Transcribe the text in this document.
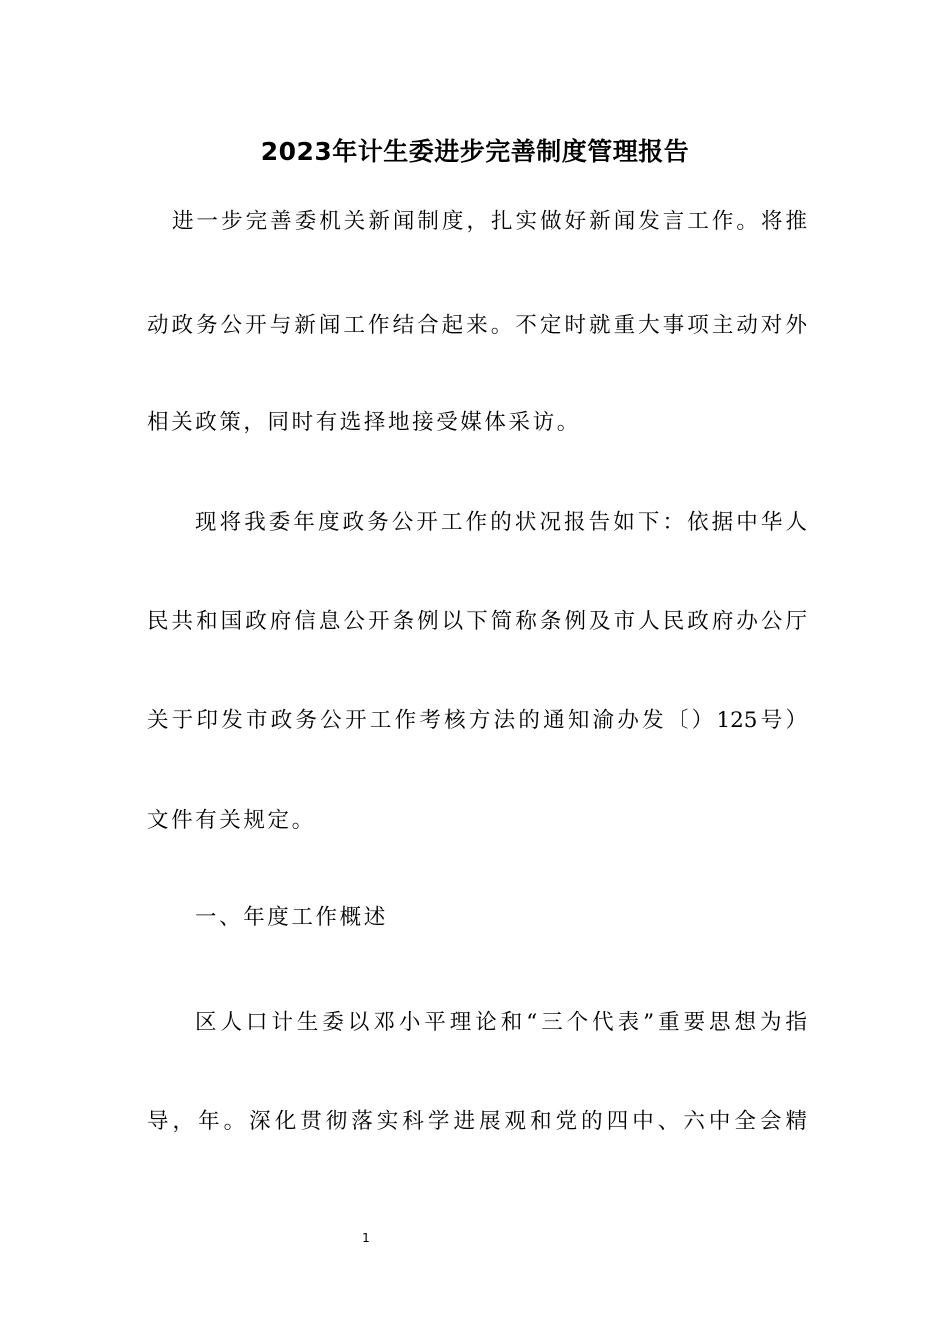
2023年计生委进步完善制度管理报告
进一步完善委机关新闻制度，扎实做好新闻发言工作。将推
动政务公开与新闻工作结合起来。不定时就重大事项主动对外
相关政策，同时有选择地接受媒体采访。
现将我委年度政务公开工作的状况报告如下：依据中华人
民共和国政府信息公开条例以下简称条例及市人民政府办公厅
关于印发市政务公开工作考核方法的通知渝办发〔）125号）
文件有关规定。
一、年度工作概述
区人口计生委以邓小平理论和“三个代表”重要思想为指
导，年。深化贯彻落实科学进展观和党的四中、六中全会精
1
